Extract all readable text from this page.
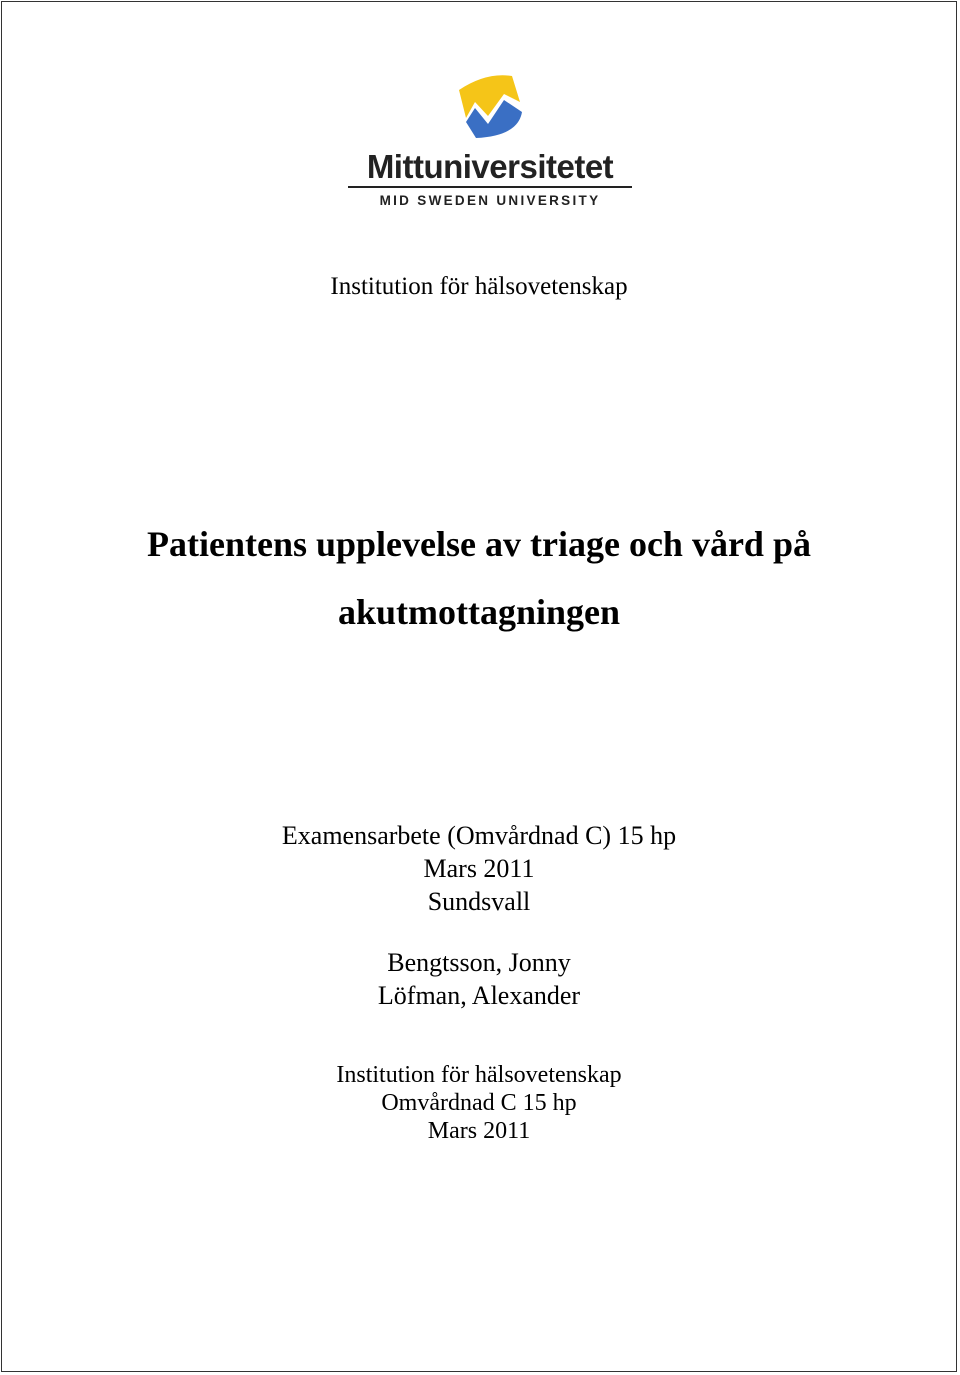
Mittuniversitetet
MID SWEDEN UNIVERSITY
Institution för hälsovetenskap
Patientens upplevelse av triage och vård på
akutmottagningen
Examensarbete (Omvårdnad C) 15 hp
Mars 2011
Sundsvall
Bengtsson, Jonny
Löfman, Alexander
Institution för hälsovetenskap
Omvårdnad C 15 hp
Mars 2011
